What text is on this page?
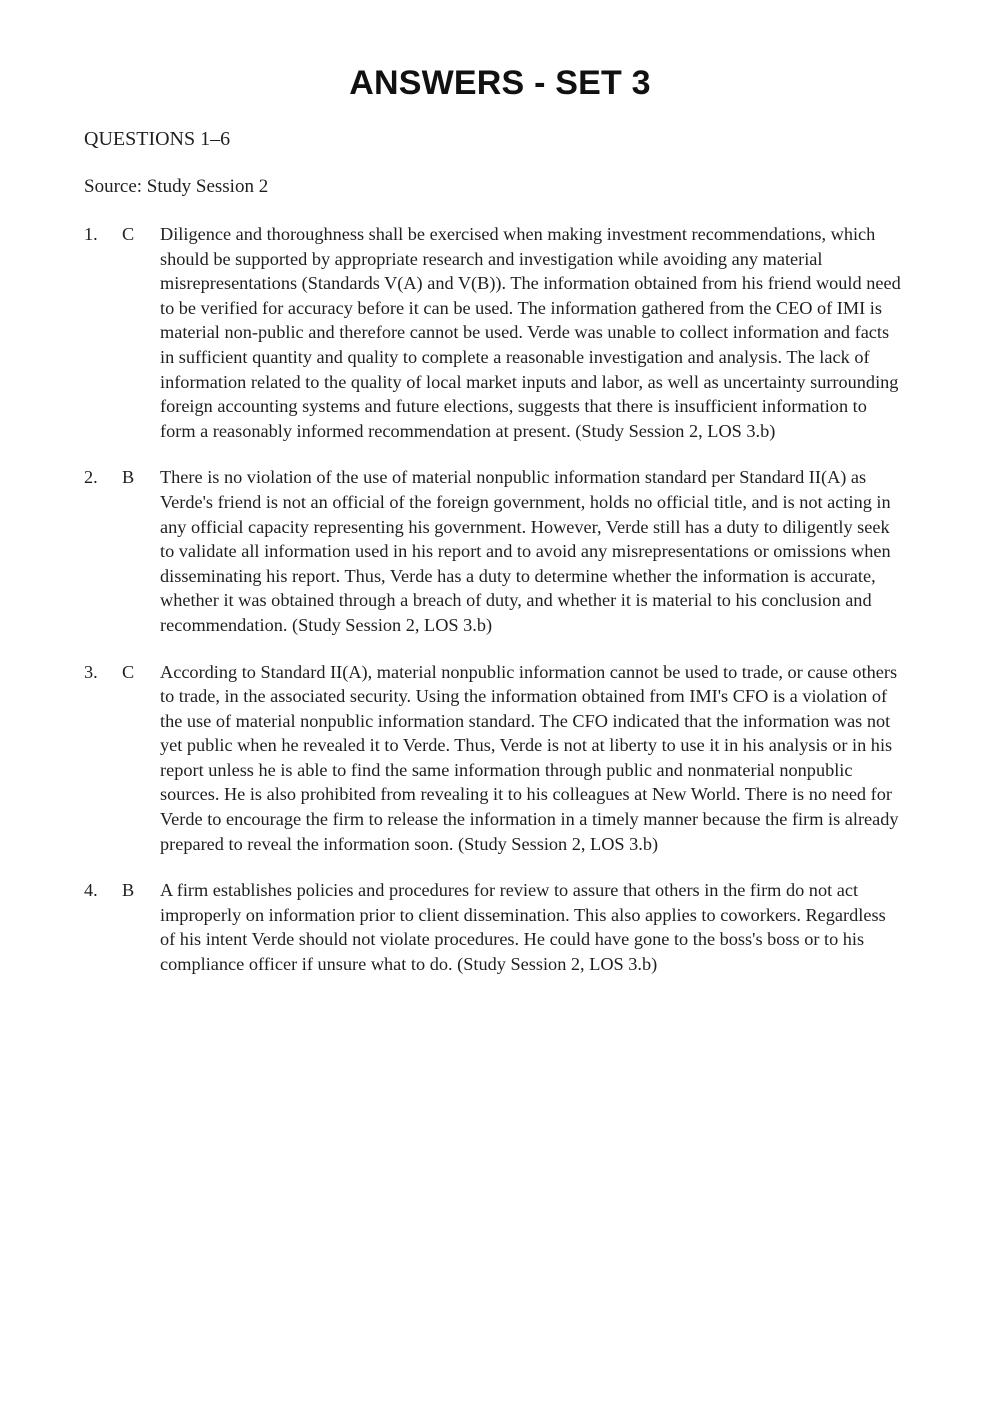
ANSWERS - SET 3

QUESTIONS 1–6

Source: Study Session 2

1.	C	Diligence and thoroughness shall be exercised when making investment recommendations, which should be supported by appropriate research and investigation while avoiding any material misrepresentations (Standards V(A) and V(B)). The information obtained from his friend would need to be verified for accuracy before it can be used. The information gathered from the CEO of IMI is material non-public and therefore cannot be used. Verde was unable to collect information and facts in sufficient quantity and quality to complete a reasonable investigation and analysis. The lack of information related to the quality of local market inputs and labor, as well as uncertainty surrounding foreign accounting systems and future elections, suggests that there is insufficient information to form a reasonably informed recommendation at present. (Study Session 2, LOS 3.b)
2.	B	There is no violation of the use of material nonpublic information standard per Standard II(A) as Verde's friend is not an official of the foreign government, holds no official title, and is not acting in any official capacity representing his government. However, Verde still has a duty to diligently seek to validate all information used in his report and to avoid any misrepresentations or omissions when disseminating his report. Thus, Verde has a duty to determine whether the information is accurate, whether it was obtained through a breach of duty, and whether it is material to his conclusion and recommendation. (Study Session 2, LOS 3.b)
3.	C	According to Standard II(A), material nonpublic information cannot be used to trade, or cause others to trade, in the associated security. Using the information obtained from IMI's CFO is a violation of the use of material nonpublic information standard. The CFO indicated that the information was not yet public when he revealed it to Verde. Thus, Verde is not at liberty to use it in his analysis or in his report unless he is able to find the same information through public and nonmaterial nonpublic sources. He is also prohibited from revealing it to his colleagues at New World. There is no need for Verde to encourage the firm to release the information in a timely manner because the firm is already prepared to reveal the information soon. (Study Session 2, LOS 3.b)
4.	B	A firm establishes policies and procedures for review to assure that others in the firm do not act improperly on information prior to client dissemination. This also applies to coworkers. Regardless of his intent Verde should not violate procedures. He could have gone to the boss's boss or to his compliance officer if unsure what to do. (Study Session 2, LOS 3.b)
